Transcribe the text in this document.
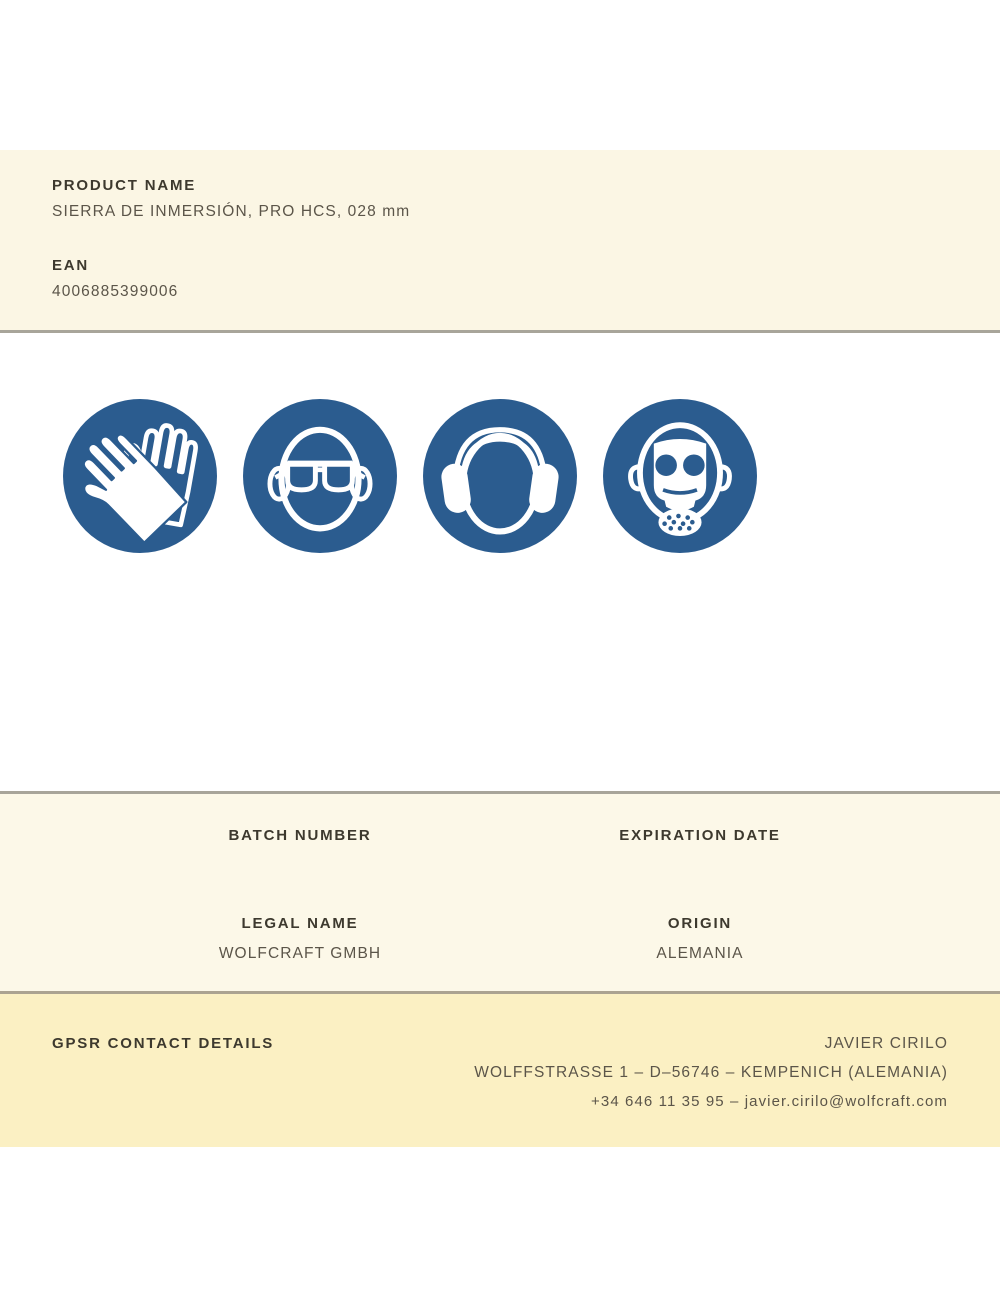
PRODUCT NAME
SIERRA DE INMERSIÓN, PRO HCS, 028 mm
EAN
4006885399006
BATCH NUMBER	EXPIRATION DATE
LEGAL NAME
WOLFCRAFT GMBH
ORIGIN
ALEMANIA
GPSR CONTACT DETAILS	JAVIER CIRILO
WOLFFSTRASSE 1 – D–56746 – KEMPENICH (ALEMANIA)
+34 646 11 35 95 – javier.cirilo@wolfcraft.com
